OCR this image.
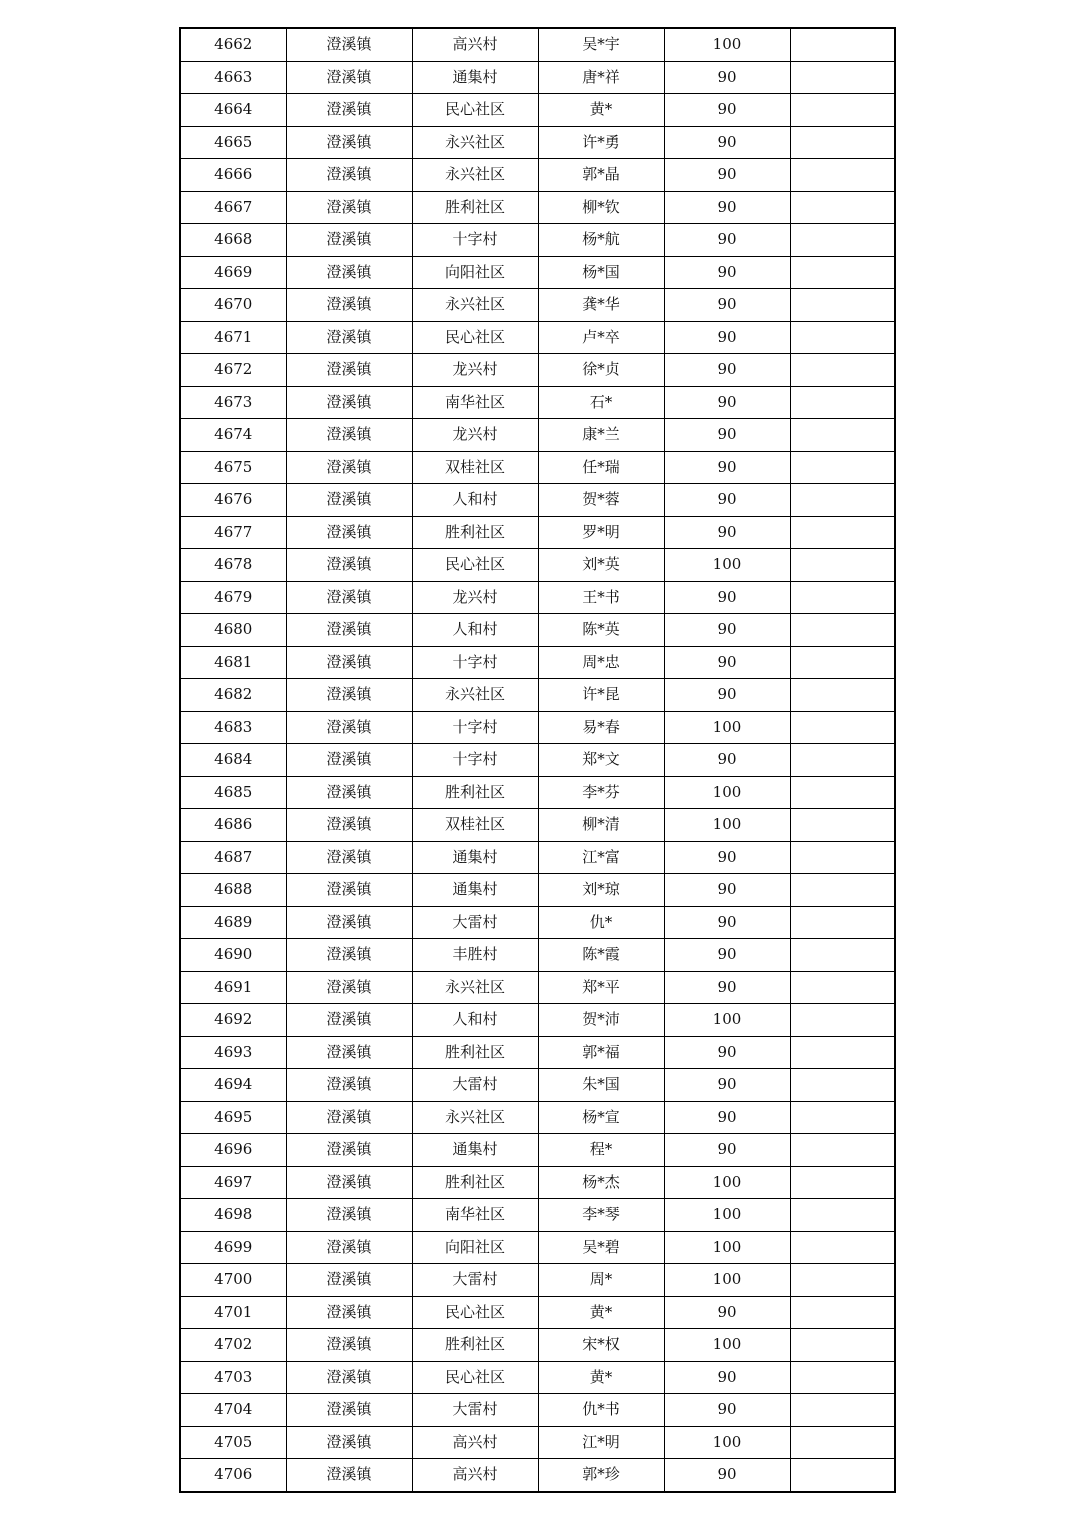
4662	澄溪镇	高兴村	吴*宇	100	
4663	澄溪镇	通集村	唐*祥	90	
4664	澄溪镇	民心社区	黄*	90	
4665	澄溪镇	永兴社区	许*勇	90	
4666	澄溪镇	永兴社区	郭*晶	90	
4667	澄溪镇	胜利社区	柳*钦	90	
4668	澄溪镇	十字村	杨*航	90	
4669	澄溪镇	向阳社区	杨*国	90	
4670	澄溪镇	永兴社区	龚*华	90	
4671	澄溪镇	民心社区	卢*卒	90	
4672	澄溪镇	龙兴村	徐*贞	90	
4673	澄溪镇	南华社区	石*	90	
4674	澄溪镇	龙兴村	康*兰	90	
4675	澄溪镇	双桂社区	任*瑞	90	
4676	澄溪镇	人和村	贺*蓉	90	
4677	澄溪镇	胜利社区	罗*明	90	
4678	澄溪镇	民心社区	刘*英	100	
4679	澄溪镇	龙兴村	王*书	90	
4680	澄溪镇	人和村	陈*英	90	
4681	澄溪镇	十字村	周*忠	90	
4682	澄溪镇	永兴社区	许*昆	90	
4683	澄溪镇	十字村	易*春	100	
4684	澄溪镇	十字村	郑*文	90	
4685	澄溪镇	胜利社区	李*芬	100	
4686	澄溪镇	双桂社区	柳*清	100	
4687	澄溪镇	通集村	江*富	90	
4688	澄溪镇	通集村	刘*琼	90	
4689	澄溪镇	大雷村	仇*	90	
4690	澄溪镇	丰胜村	陈*霞	90	
4691	澄溪镇	永兴社区	郑*平	90	
4692	澄溪镇	人和村	贺*沛	100	
4693	澄溪镇	胜利社区	郭*福	90	
4694	澄溪镇	大雷村	朱*国	90	
4695	澄溪镇	永兴社区	杨*宣	90	
4696	澄溪镇	通集村	程*	90	
4697	澄溪镇	胜利社区	杨*杰	100	
4698	澄溪镇	南华社区	李*琴	100	
4699	澄溪镇	向阳社区	吴*碧	100	
4700	澄溪镇	大雷村	周*	100	
4701	澄溪镇	民心社区	黄*	90	
4702	澄溪镇	胜利社区	宋*权	100	
4703	澄溪镇	民心社区	黄*	90	
4704	澄溪镇	大雷村	仇*书	90	
4705	澄溪镇	高兴村	江*明	100	
4706	澄溪镇	高兴村	郭*珍	90	
